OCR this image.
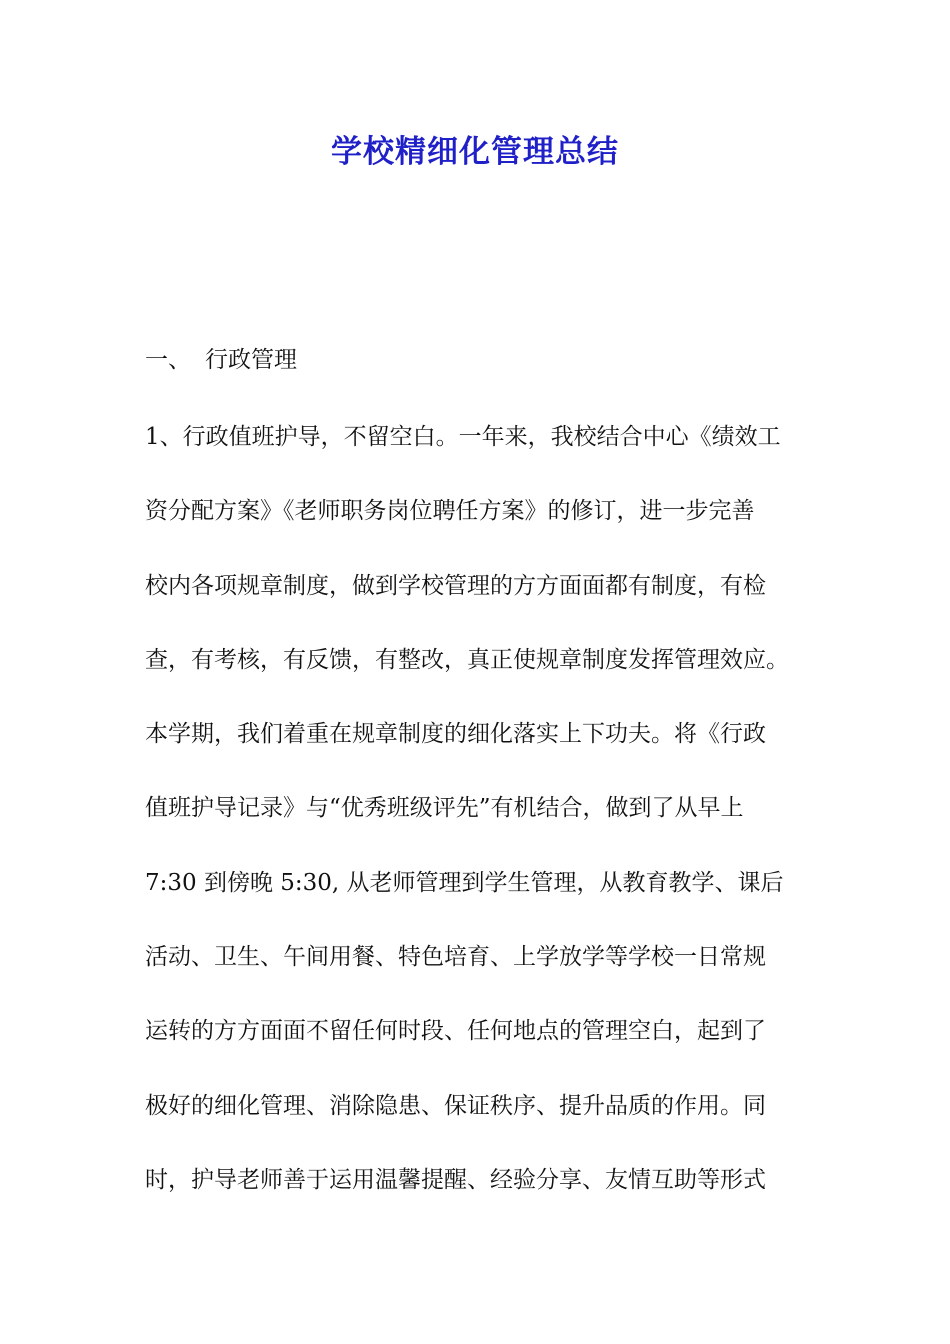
学校精细化管理总结
一、 行政管理
1、行政值班护导，不留空白。一年来，我校结合中心《绩效工
资分配方案》《老师职务岗位聘任方案》的修订，进一步完善
校内各项规章制度，做到学校管理的方方面面都有制度，有检
查，有考核，有反馈，有整改，真正使规章制度发挥管理效应。
本学期，我们着重在规章制度的细化落实上下功夫。将《行政
值班护导记录》与“优秀班级评先”有机结合，做到了从早上
7:30 到傍晚 5:30, 从老师管理到学生管理，从教育教学、课后
活动、卫生、午间用餐、特色培育、上学放学等学校一日常规
运转的方方面面不留任何时段、任何地点的管理空白，起到了
极好的细化管理、消除隐患、保证秩序、提升品质的作用。同
时，护导老师善于运用温馨提醒、经验分享、友情互助等形式
